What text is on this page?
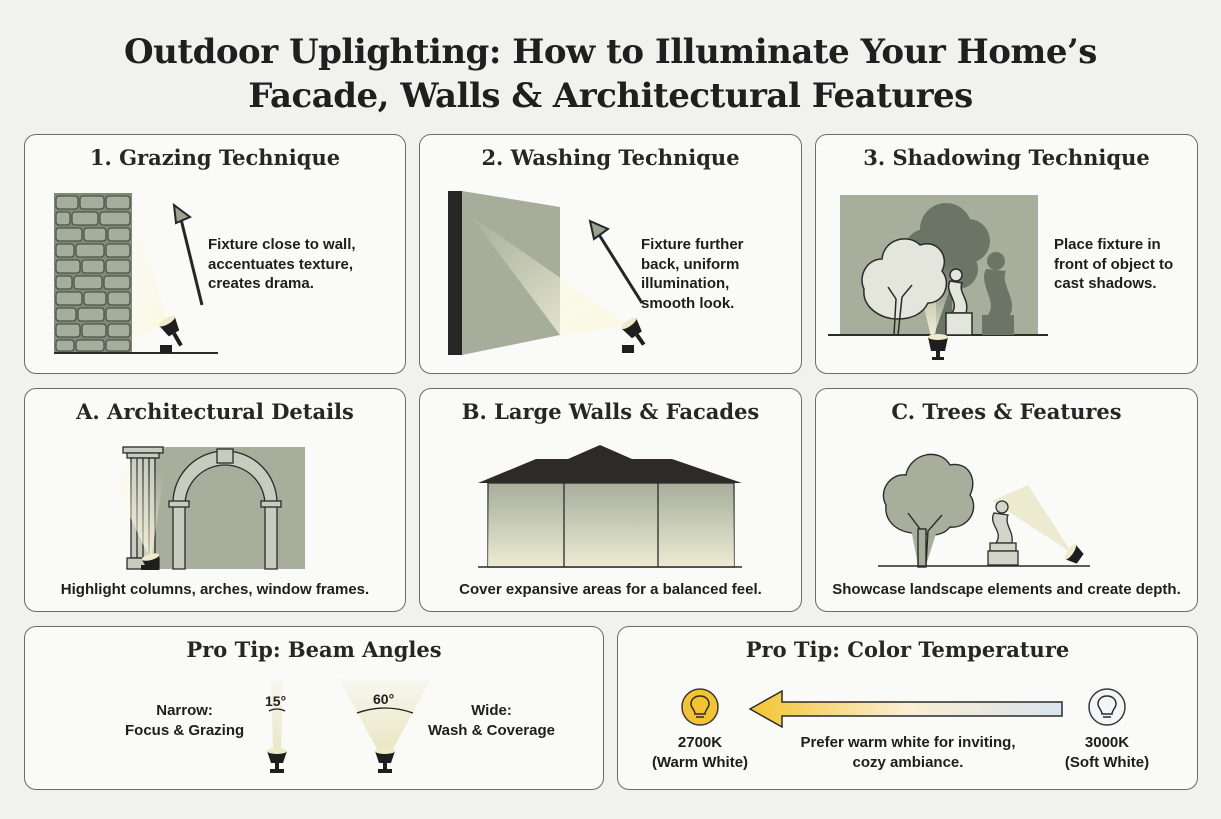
Outdoor Uplighting: How to Illuminate Your Home’s
Facade, Walls & Architectural Features
1. Grazing Technique
Fixture close to wall,
accentuates texture,
creates drama.
2. Washing Technique
Fixture further
back, uniform
illumination,
smooth look.
3. Shadowing Technique
Place fixture in
front of object to
cast shadows.
A. Architectural Details
Highlight columns, arches, window frames.
B. Large Walls & Facades
Cover expansive areas for a balanced feel.
C. Trees & Features
Showcase landscape elements and create depth.
Pro Tip: Beam Angles
Narrow:
Focus & Grazing
15°	60°
Wide:
Wash & Coverage
Pro Tip: Color Temperature
2700K
(Warm White)
Prefer warm white for inviting,
cozy ambiance.
3000K
(Soft White)
